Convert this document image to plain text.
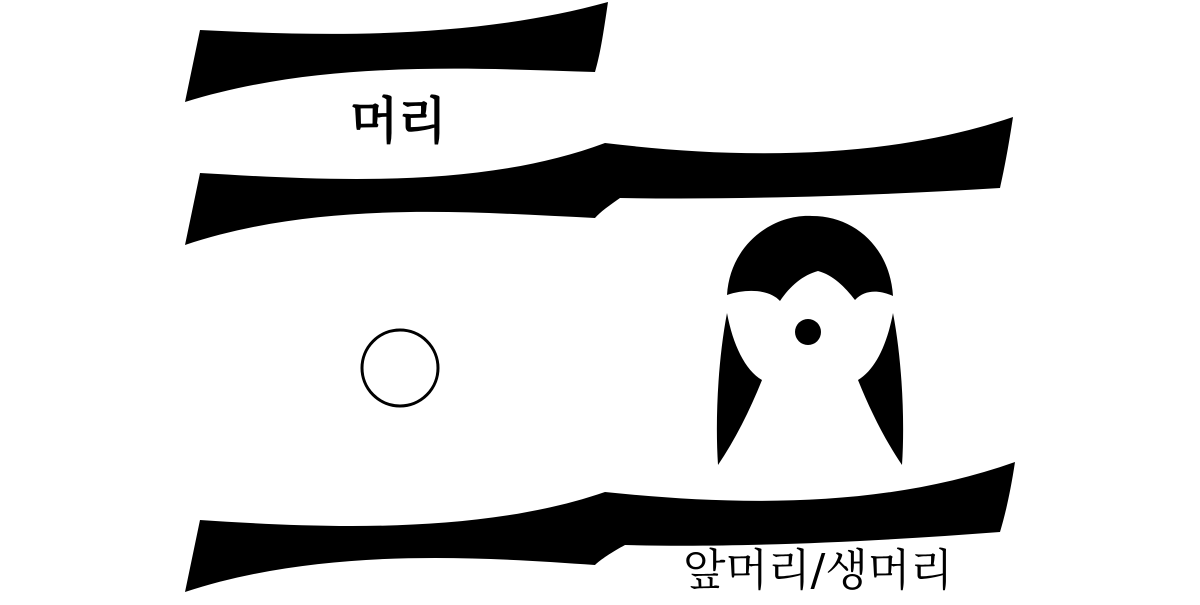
머리
앞머리/생머리
